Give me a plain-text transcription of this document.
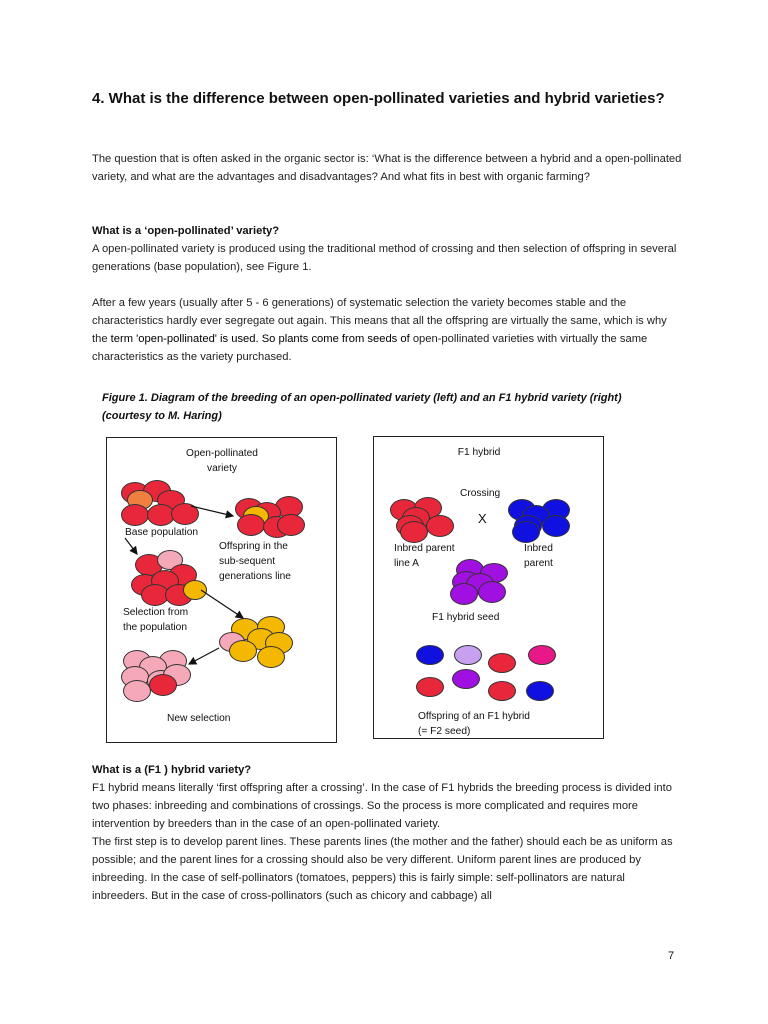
4. What is the difference between open-pollinated varieties and hybrid varieties?
The question that is often asked in the organic sector is: ‘What is the difference between a hybrid and a open-pollinated variety, and what are the advantages and disadvantages? And what fits in best with organic farming?
What is a ‘open-pollinated’ variety?
A open-pollinated variety is produced using the traditional method of crossing and then selection of offspring in several generations (base population), see Figure 1.
After a few years (usually after 5 - 6 generations) of systematic selection the variety becomes stable and the characteristics hardly ever segregate out again. This means that all the offspring are virtually the same, which is why the term 'open-pollinated' is used. So plants come from seeds of open-pollinated varieties with virtually the same characteristics as the variety purchased.
Figure 1. Diagram of the breeding of an open-pollinated variety (left) and an F1 hybrid variety (right) (courtesy to M. Haring)
Open-pollinated
variety
Base population
Offspring in the
sub-sequent
generations line
Selection from
the population
New selection
F1 hybrid
Crossing
X
Inbred parent
line A
Inbred
parent
F1 hybrid seed
Offspring of an F1 hybrid
(= F2 seed)
What is a (F1 ) hybrid variety?
F1 hybrid means literally ‘first offspring after a crossing’. In the case of F1 hybrids the breeding process is divided into two phases: inbreeding and combinations of crossings. So the process is more complicated and requires more intervention by breeders than in the case of an open-pollinated variety.
The first step is to develop parent lines. These parents lines (the mother and the father) should each be as uniform as possible; and the parent lines for a crossing should also be very different. Uniform parent lines are produced by inbreeding. In the case of self-pollinators (tomatoes, peppers) this is fairly simple: self-pollinators are natural inbreeders. But in the case of cross-pollinators (such as chicory and cabbage) all
7
